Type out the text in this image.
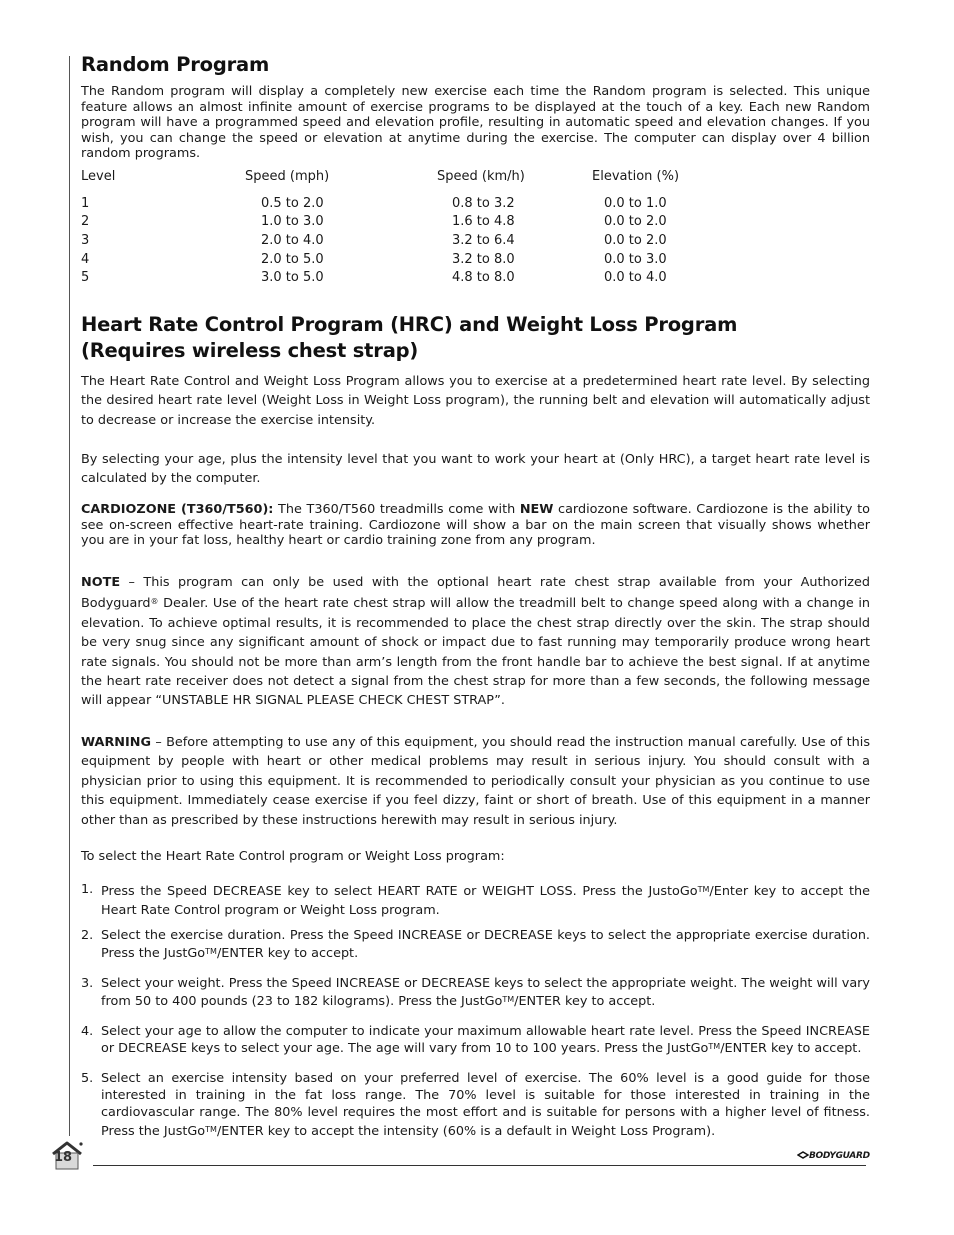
Random Program

The Random program will display a completely new exercise each time the Random program is selected. This unique feature allows an almost infinite amount of exercise programs to be displayed at the touch of a key. Each new Random program will have a programmed speed and elevation profile, resulting in automatic speed and elevation changes. If you wish, you can change the speed or elevation at anytime during the exercise. The computer can display over 4 billion random programs.

Level	Speed (mph)	Speed (km/h)	Elevation (%)

1	0.5 to 2.0	0.8 to 3.2	0.0 to 1.0
2	1.0 to 3.0	1.6 to 4.8	0.0 to 2.0
3	2.0 to 4.0	3.2 to 6.4	0.0 to 2.0
4	2.0 to 5.0	3.2 to 8.0	0.0 to 3.0
5	3.0 to 5.0	4.8 to 8.0	0.0 to 4.0
Heart Rate Control Program (HRC) and Weight Loss Program
(Requires wireless chest strap)

The Heart Rate Control and Weight Loss Program allows you to exercise at a predetermined heart rate level. By selecting the desired heart rate level (Weight Loss in Weight Loss program), the running belt and elevation will automatically adjust to decrease or increase the exercise intensity.

By selecting your age, plus the intensity level that you want to work your heart at (Only HRC), a target heart rate level is calculated by the computer.

CARDIOZONE (T360/T560): The T360/T560 treadmills come with NEW cardiozone software. Cardiozone is the ability to see on-screen effective heart-rate training. Cardiozone will show a bar on the main screen that visually shows whether you are in your fat loss, healthy heart or cardio training zone from any program.

NOTE – This program can only be used with the optional heart rate chest strap available from your Authorized Bodyguard® Dealer. Use of the heart rate chest strap will allow the treadmill belt to change speed along with a change in elevation. To achieve optimal results, it is recommended to place the chest strap directly over the skin. The strap should be very snug since any significant amount of shock or impact due to fast running may temporarily produce wrong heart rate signals. You should not be more than arm’s length from the front handle bar to achieve the best signal. If at anytime the heart rate receiver does not detect a signal from the chest strap for more than a few seconds, the following message will appear “UNSTABLE HR SIGNAL PLEASE CHECK CHEST STRAP”.

WARNING – Before attempting to use any of this equipment, you should read the instruction manual carefully. Use of this equipment by people with heart or other medical problems may result in serious injury. You should consult with a physician prior to using this equipment. It is recommended to periodically consult your physician as you continue to use this equipment. Immediately cease exercise if you feel dizzy, faint or short of breath. Use of this equipment in a manner other than as prescribed by these instructions herewith may result in serious injury.

To select the Heart Rate Control program or Weight Loss program:

1. Press the Speed DECREASE key to select HEART RATE or WEIGHT LOSS. Press the JustoGo™/Enter key to accept the Heart Rate Control program or Weight Loss program.
2. Select the exercise duration. Press the Speed INCREASE or DECREASE keys to select the appropriate exercise duration. Press the JustGo™/ENTER key to accept.
3. Select your weight. Press the Speed INCREASE or DECREASE keys to select the appropriate weight. The weight will vary from 50 to 400 pounds (23 to 182 kilograms). Press the JustGo™/ENTER key to accept.
4. Select your age to allow the computer to indicate your maximum allowable heart rate level. Press the Speed INCREASE or DECREASE keys to select your age. The age will vary from 10 to 100 years. Press the JustGo™/ENTER key to accept.
5. Select an exercise intensity based on your preferred level of exercise. The 60% level is a good guide for those interested in training in the fat loss range. The 70% level is suitable for those interested in training in the cardiovascular range. The 80% level requires the most effort and is suitable for persons with a higher level of fitness. Press the JustGo™/ENTER key to accept the intensity (60% is a default in Weight Loss Program).
18	BODYGUARD
